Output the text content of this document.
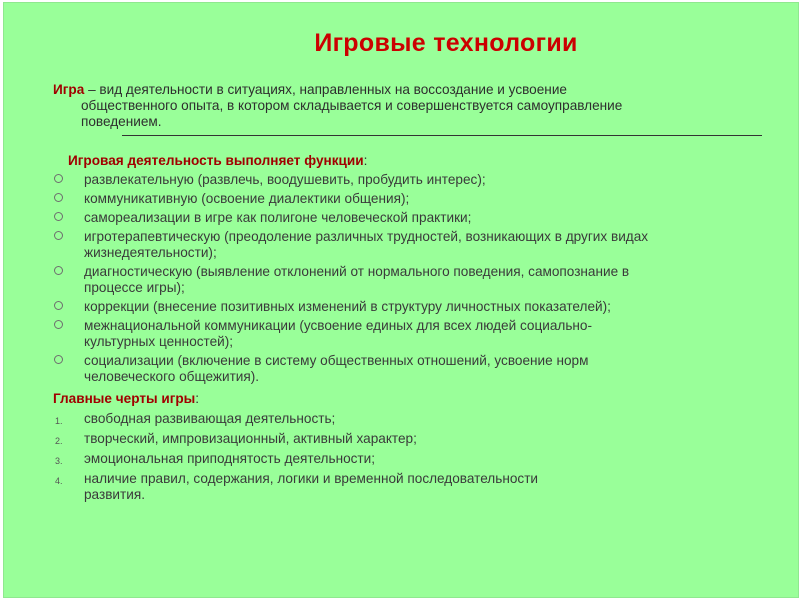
Игровые технологии
Игра – вид деятельности в ситуациях, направленных на воссоздание и усвоение
общественного опыта, в котором складывается и совершенствуется самоуправление
поведением.
Игровая деятельность выполняет функции:
развлекательную (развлечь, воодушевить, пробудить интерес);
коммуникативную (освоение диалектики общения);
самореализации в игре как полигоне человеческой практики;
игротерапевтическую (преодоление различных трудностей, возникающих в других видах
жизнедеятельности);
диагностическую (выявление отклонений от нормального поведения, самопознание в
процессе игры);
коррекции (внесение позитивных изменений в структуру личностных показателей);
межнациональной коммуникации (усвоение единых для всех людей социально-
культурных ценностей);
социализации (включение в систему общественных отношений, усвоение норм
человеческого общежития).
Главные черты игры:
1. свободная развивающая деятельность;
2. творческий, импровизационный, активный характер;
3. эмоциональная приподнятость деятельности;
4. наличие правил, содержания, логики и временной последовательности
развития.
